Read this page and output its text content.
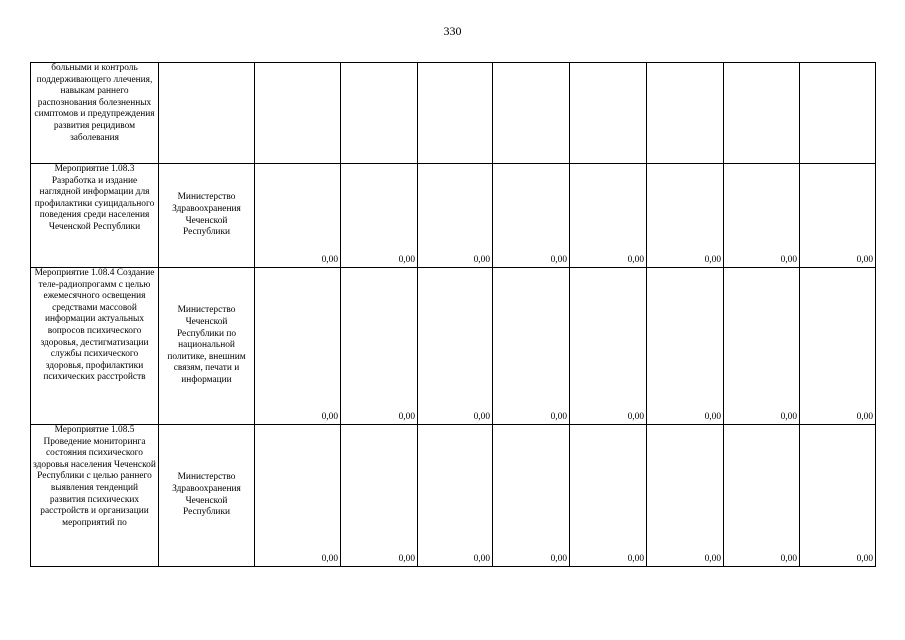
330
больными и контроль поддерживающего ллечения, навыкам раннего распознования болезненных симптомов и предупреждения развития рецидивом заболевания									
Мероприятие 1.08.3 Разработка и издание наглядной информации для профилактики суицидального поведения среди населения Чеченской Республики	Министерство Здравоохранения Чеченской Республики	0,00	0,00	0,00	0,00	0,00	0,00	0,00	0,00
Мероприятие 1.08.4 Создание теле-радиопрогамм с целью ежемесячного освещения средствами массовой информации актуальных вопросов психического здоровья, дестигматизации службы психического здоровья, профилактики психических расстройств	Министерство Чеченской Республики по национальной политике, внешним связям, печати и информации	0,00	0,00	0,00	0,00	0,00	0,00	0,00	0,00
Мероприятие 1.08.5 Проведение мониторинга состояния психического здоровья населения Чеченской Республики с целью раннего выявления тенденций развития психических расстройств и организации мероприятий по	Министерство Здравоохранения Чеченской Республики	0,00	0,00	0,00	0,00	0,00	0,00	0,00	0,00
